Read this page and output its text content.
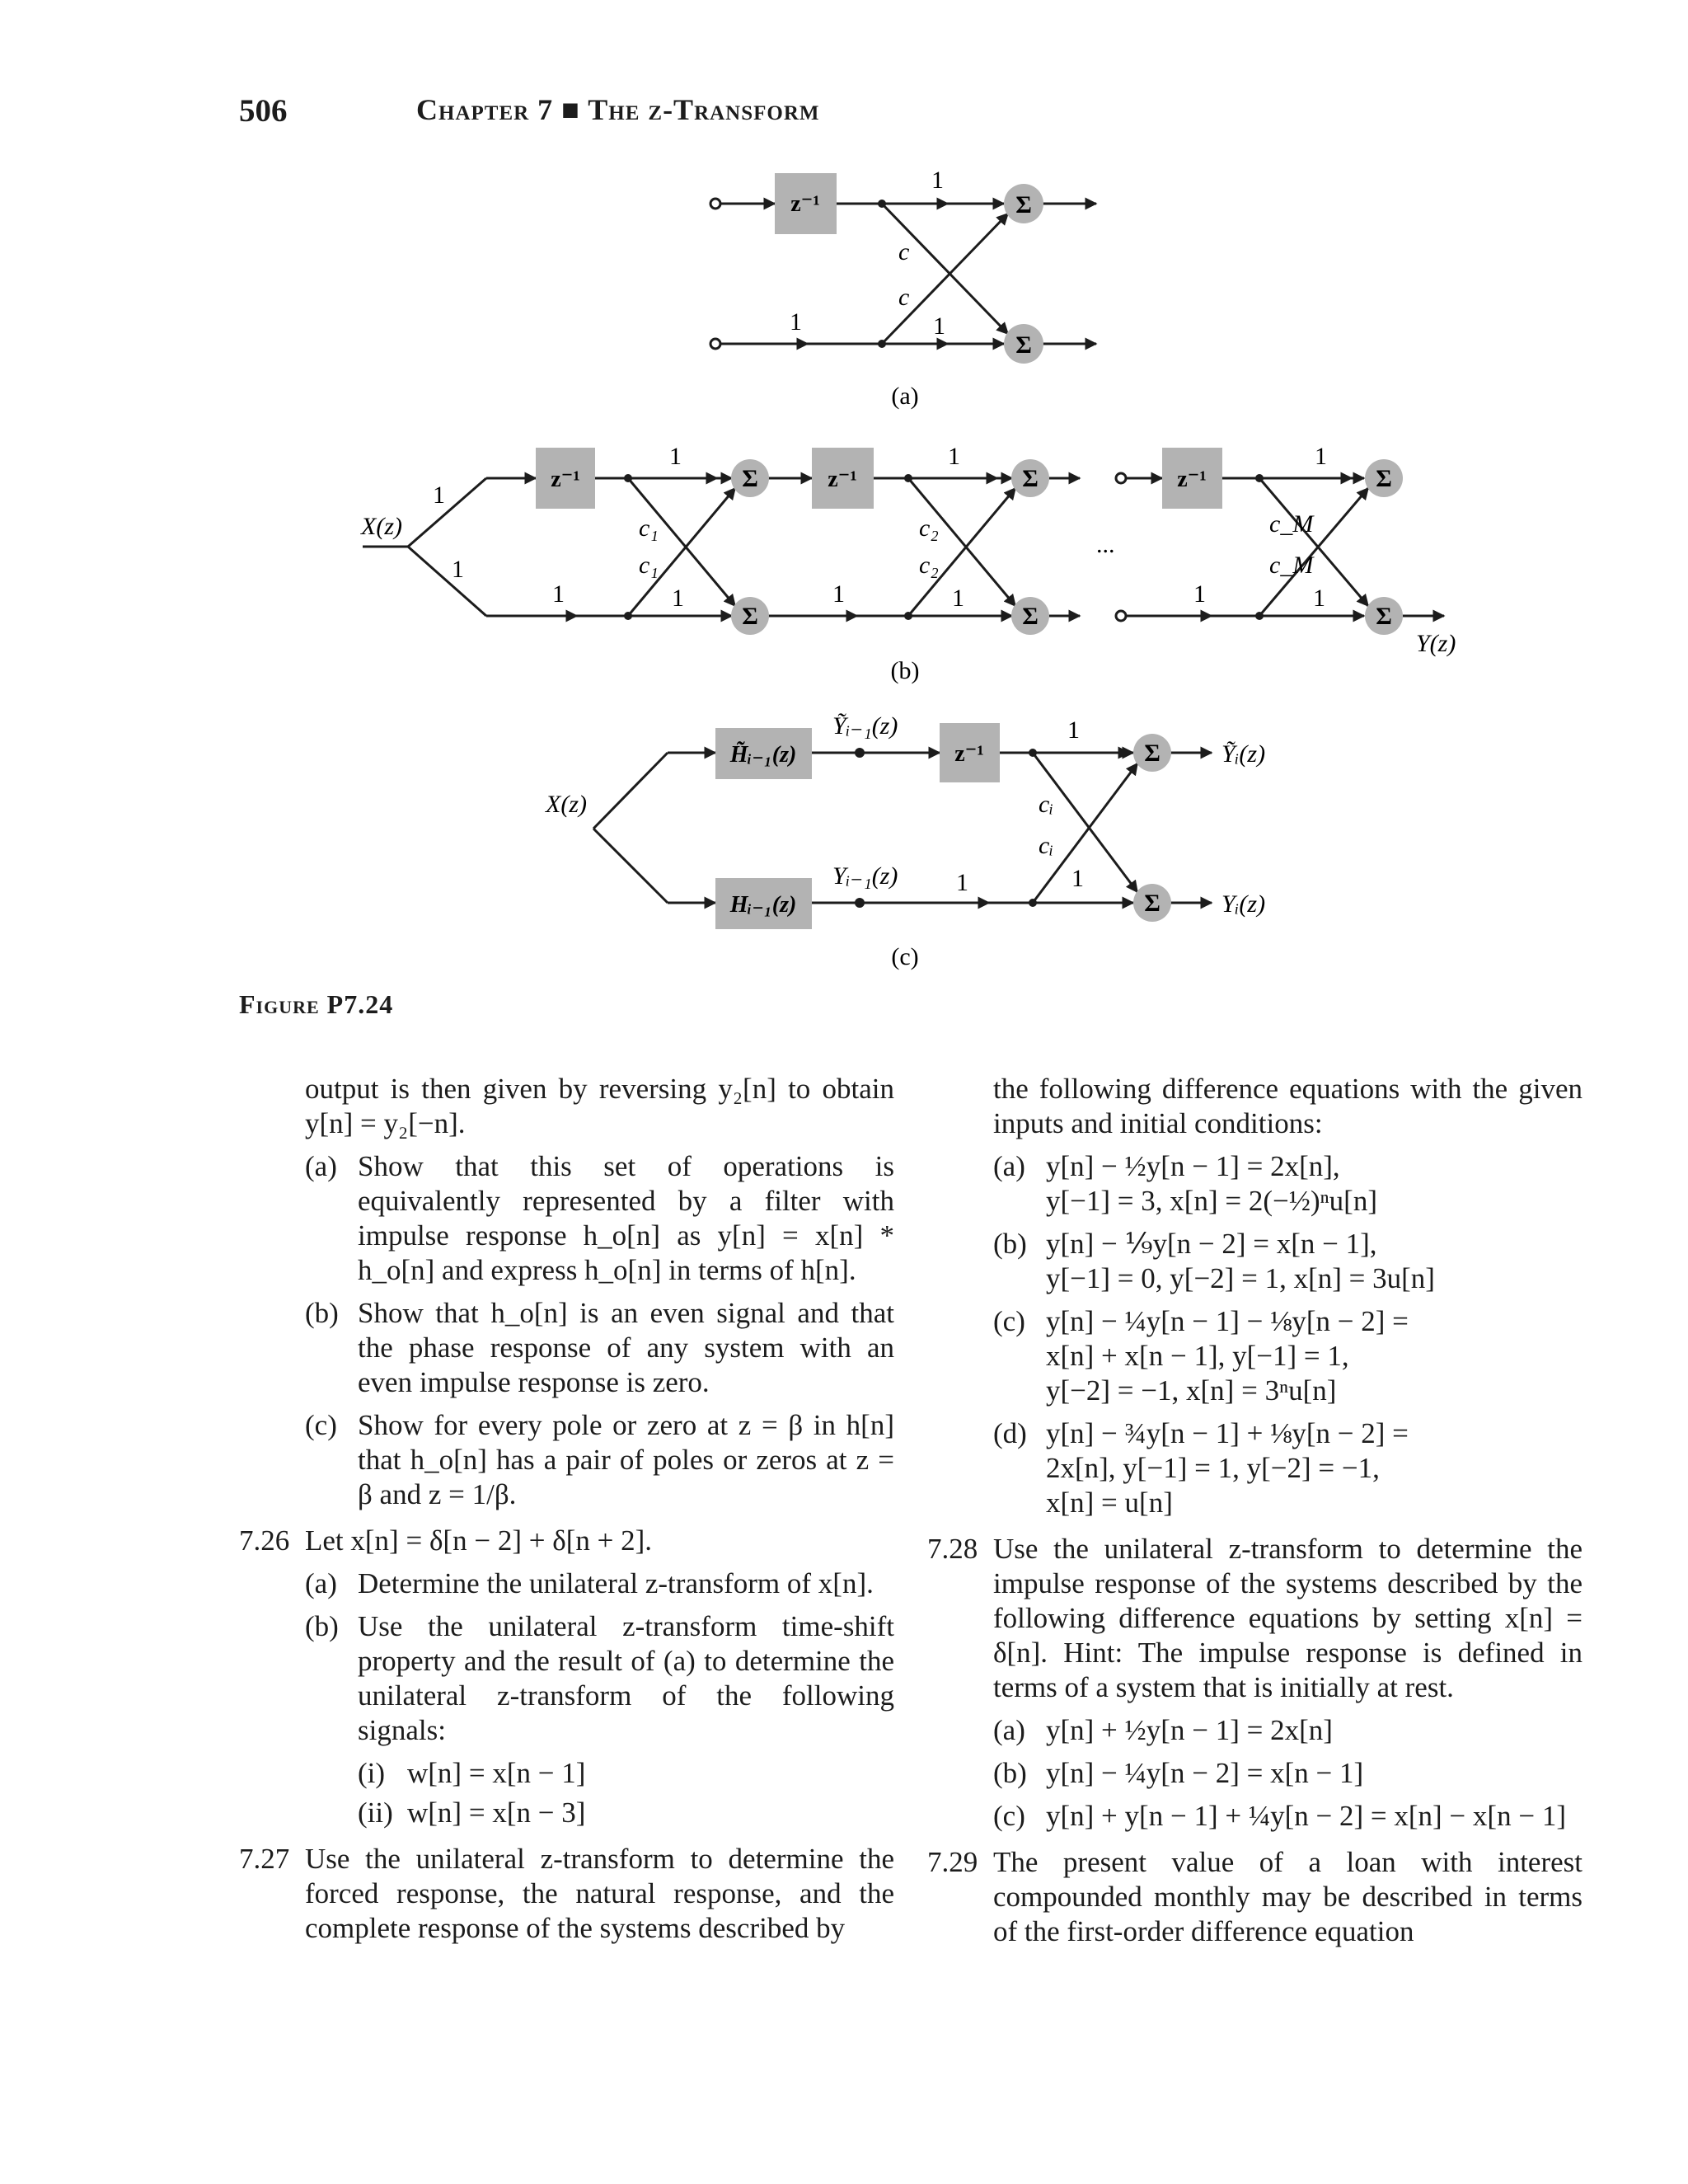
506	Chapter 7 ■ The z-Transform
z⁻¹	Σ
Σ
1
c
c
1	1
(a)
z⁻¹	z⁻¹	z⁻¹
Σ
Σ
Σ
Σ
Σ
Σ
X(z)
Y(z)
1
1
...
1
c₁
c₁
1	1
1
c₂
c₂
1	1
1
c_M
c_M
1	1
(b)
H̃ᵢ₋₁(z)
Hᵢ₋₁(z)
z⁻¹	Σ
Σ
X(z)
Ỹᵢ₋₁(z)
Yᵢ₋₁(z)
Ỹᵢ(z)
Yᵢ(z)
1
cᵢ
cᵢ
1	1
(c)
Figure P7.24

output is then given by reversing y₂[n] to obtain y[n] = y₂[−n].

(a) Show that this set of operations is equivalently represented by a filter with impulse response h_o[n] as y[n] = x[n] * h_o[n] and express h_o[n] in terms of h[n].
(b) Show that h_o[n] is an even signal and that the phase response of any system with an even impulse response is zero.
(c) Show for every pole or zero at z = β in h[n] that h_o[n] has a pair of poles or zeros at z = β and z = 1/β.
7.26 Let x[n] = δ[n − 2] + δ[n + 2].
(a) Determine the unilateral z-transform of x[n].
(b) Use the unilateral z-transform time-shift property and the result of (a) to determine the unilateral z-transform of the following signals:
(i) w[n] = x[n − 1]
(ii) w[n] = x[n − 3]
7.27 Use the unilateral z-transform to determine the forced response, the natural response, and the complete response of the systems described by

the following difference equations with the given inputs and initial conditions:

(a) y[n] − ½y[n − 1] = 2x[n],
y[−1] = 3, x[n] = 2(−½)ⁿu[n]
(b) y[n] − ⅑y[n − 2] = x[n − 1],
y[−1] = 0, y[−2] = 1, x[n] = 3u[n]
(c) y[n] − ¼y[n − 1] − ⅛y[n − 2] =
x[n] + x[n − 1], y[−1] = 1,
y[−2] = −1, x[n] = 3ⁿu[n]
(d) y[n] − ¾y[n − 1] + ⅛y[n − 2] =
2x[n], y[−1] = 1, y[−2] = −1,
x[n] = u[n]
7.28 Use the unilateral z-transform to determine the impulse response of the systems described by the following difference equations by setting x[n] = δ[n]. Hint: The impulse response is defined in terms of a system that is initially at rest.
(a) y[n] + ½y[n − 1] = 2x[n]
(b) y[n] − ¼y[n − 2] = x[n − 1]
(c) y[n] + y[n − 1] + ¼y[n − 2] = x[n] − x[n − 1]
7.29 The present value of a loan with interest compounded monthly may be described in terms of the first-order difference equation
